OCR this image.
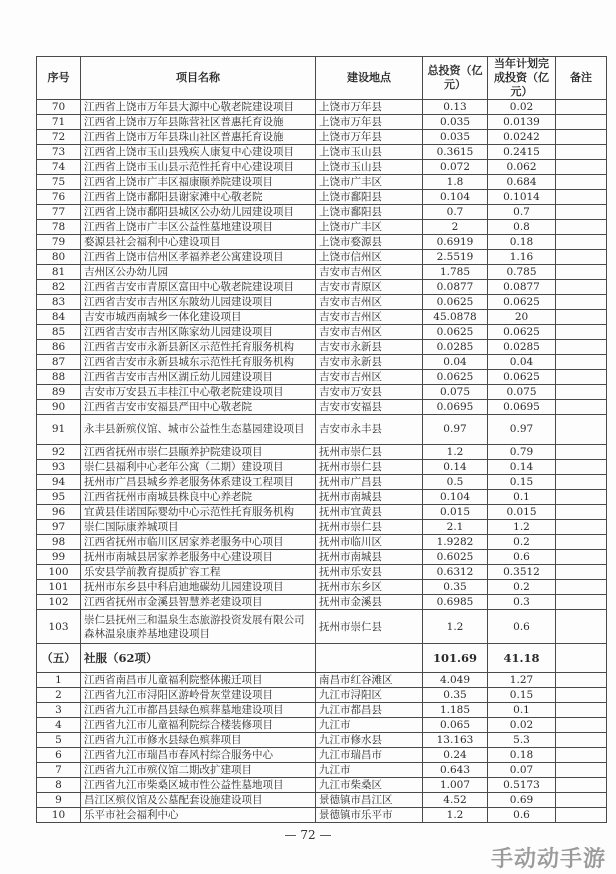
序号	项目名称	建设地点	总投资（亿元）	当年计划完成投资（亿元）	备注
70	江西省上饶市万年县大源中心敬老院建设项目	上饶市万年县	0.13	0.02	
71	江西省上饶市万年县陈营社区普惠托育设施	上饶市万年县	0.035	0.0139	
72	江西省上饶市万年县珠山社区普惠托育设施	上饶市万年县	0.035	0.0242	
73	江西省上饶市玉山县残疾人康复中心建设项目	上饶市玉山县	0.3615	0.2415	
74	江西省上饶市玉山县示范性托育中心建设项目	上饶市玉山县	0.072	0.062	
75	江西省上饶市广丰区福康颐养院建设项目	上饶市广丰区	1.8	0.684	
76	江西省上饶市鄱阳县谢家滩中心敬老院	上饶市鄱阳县	0.104	0.1014	
77	江西省上饶市鄱阳县城区公办幼儿园建设项目	上饶市鄱阳县	0.7	0.7	
78	江西省上饶市广丰区公益性墓地建设项目	上饶市广丰区	2	0.8	
79	婺源县社会福利中心建设项目	上饶市婺源县	0.6919	0.18	
80	江西省上饶市信州区孝福养老公寓建设项目	上饶市信州区	2.5519	1.16	
81	吉州区公办幼儿园	吉安市吉州区	1.785	0.785	
82	江西省吉安市青原区富田中心敬老院建设项目	吉安市青原区	0.0877	0.0877	
83	江西省吉安市吉州区东陂幼儿园建设项目	吉安市吉州区	0.0625	0.0625	
84	吉安市城西南城乡一体化建设项目	吉安市吉州区	45.0878	20	
85	江西省吉安市吉州区陈家幼儿园建设项目	吉安市吉州区	0.0625	0.0625	
86	江西省吉安市永新县新区示范性托育服务机构	吉安市永新县	0.0285	0.0285	
87	江西省吉安市永新县城东示范性托育服务机构	吉安市永新县	0.04	0.04	
88	江西省吉安市吉州区湖丘幼儿园建设项目	吉安市吉州区	0.0625	0.0625	
89	吉安市万安县五丰桂江中心敬老院建设项目	吉安市万安县	0.075	0.075	
90	江西省吉安市安福县严田中心敬老院	吉安市安福县	0.0695	0.0695	
91	永丰县新殡仪馆、城市公益性生态墓园建设项目	吉安市永丰县	0.97	0.97	
92	江西省抚州市崇仁县颐养护院建设项目	抚州市崇仁县	1.2	0.79	
93	崇仁县福利中心老年公寓（二期）建设项目	抚州市崇仁县	0.14	0.14	
94	抚州市广昌县城乡养老服务体系建设工程项目	抚州市广昌县	0.5	0.15	
95	江西省抚州市南城县株良中心养老院	抚州市南城县	0.104	0.1	
96	宜黄县佳诺国际婴幼中心示范性托育服务机构	抚州市宜黄县	0.015	0.015	
97	崇仁国际康养城项目	抚州市崇仁县	2.1	1.2	
98	江西省抚州市临川区居家养老服务中心项目	抚州市临川区	1.9282	0.2	
99	抚州市南城县居家养老服务中心建设项目	抚州市南城县	0.6025	0.6	
100	乐安县学前教育提质扩容工程	抚州市乐安县	0.6312	0.3512	
101	抚州市东乡县中科启迪地碳幼儿园建设项目	抚州市东乡区	0.35	0.2	
102	江西省抚州市金溪县智慧养老建设项目	抚州市金溪县	0.6985	0.3	
103	崇仁县抚州三和温泉生态旅游投资发展有限公司森林温泉康养基地建设项目	抚州市崇仁县	1.2	0.6	
（五）	社服（62项）		101.69	41.18	
1	江西省南昌市儿童福利院整体搬迁项目	南昌市红谷滩区	4.049	1.27	
2	江西省九江市浔阳区游岭骨灰堂建设项目	九江市浔阳区	0.35	0.15	
3	江西省九江市都昌县绿色殡葬墓地建设项目	九江市都昌县	1.185	0.1	
4	江西省九江市儿童福利院综合楼装修项目	九江市	0.065	0.02	
5	江西省九江市修水县绿色殡葬项目	九江市修水县	13.163	5.3	
6	江西省九江市瑞昌市春风村综合服务中心	九江市瑞昌市	0.24	0.18	
7	江西省九江市殡仪馆二期改扩建项目	九江市	0.643	0.07	
8	江西省九江市柴桑区城市性公益性墓地项目	九江市柴桑区	1.007	0.5173	
9	昌江区殡仪馆及公墓配套设施建设项目	景德镇市昌江区	4.52	0.69	
10	乐平市社会福利中心	景德镇市乐平市	1.2	0.6	
— 72 —
手动动手游
